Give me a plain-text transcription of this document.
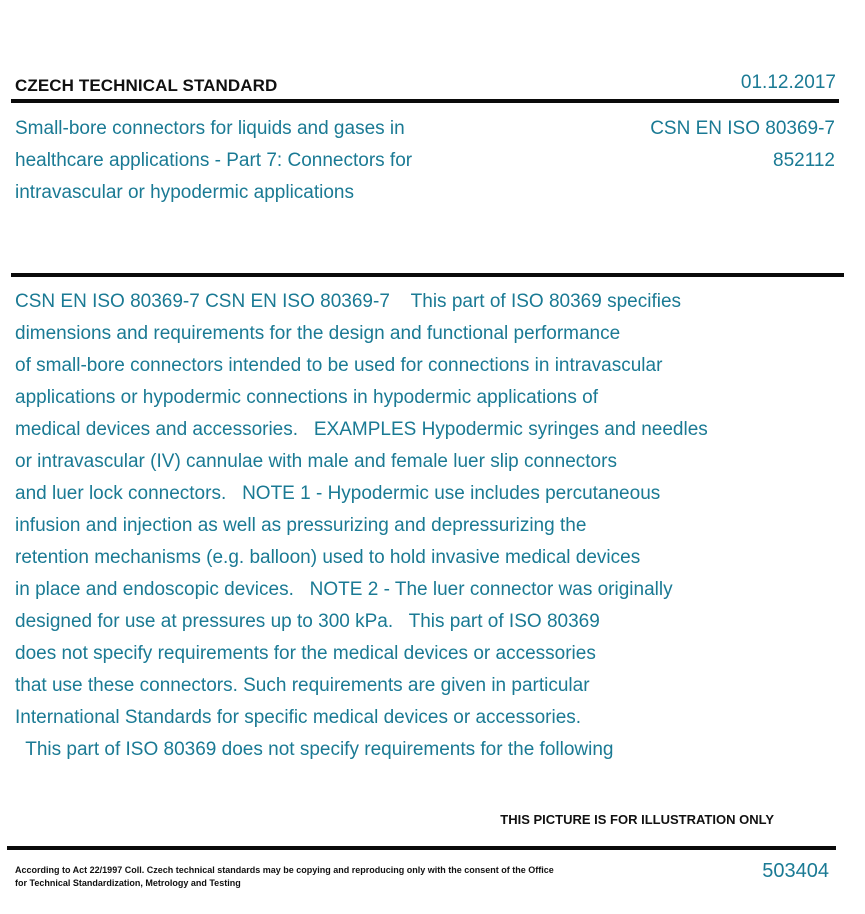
CZECH TECHNICAL STANDARD	01.12.2017
Small-bore connectors for liquids and gases in
healthcare applications - Part 7: Connectors for
intravascular or hypodermic applications
CSN EN ISO 80369-7
852112
CSN EN ISO 80369-7 CSN EN ISO 80369-7    This part of ISO 80369 specifies
dimensions and requirements for the design and functional performance
of small-bore connectors intended to be used for connections in intravascular
applications or hypodermic connections in hypodermic applications of
medical devices and accessories.   EXAMPLES Hypodermic syringes and needles
or intravascular (IV) cannulae with male and female luer slip connectors
and luer lock connectors.   NOTE 1 - Hypodermic use includes percutaneous
infusion and injection as well as pressurizing and depressurizing the
retention mechanisms (e.g. balloon) used to hold invasive medical devices
in place and endoscopic devices.   NOTE 2 - The luer connector was originally
designed for use at pressures up to 300 kPa.   This part of ISO 80369
does not specify requirements for the medical devices or accessories
that use these connectors. Such requirements are given in particular
International Standards for specific medical devices or accessories.
This part of ISO 80369 does not specify requirements for the following
THIS PICTURE IS FOR ILLUSTRATION ONLY
According to Act 22/1997 Coll. Czech technical standards may be copying and reproducing only with the consent of the Office
for Technical Standardization, Metrology and Testing
503404
